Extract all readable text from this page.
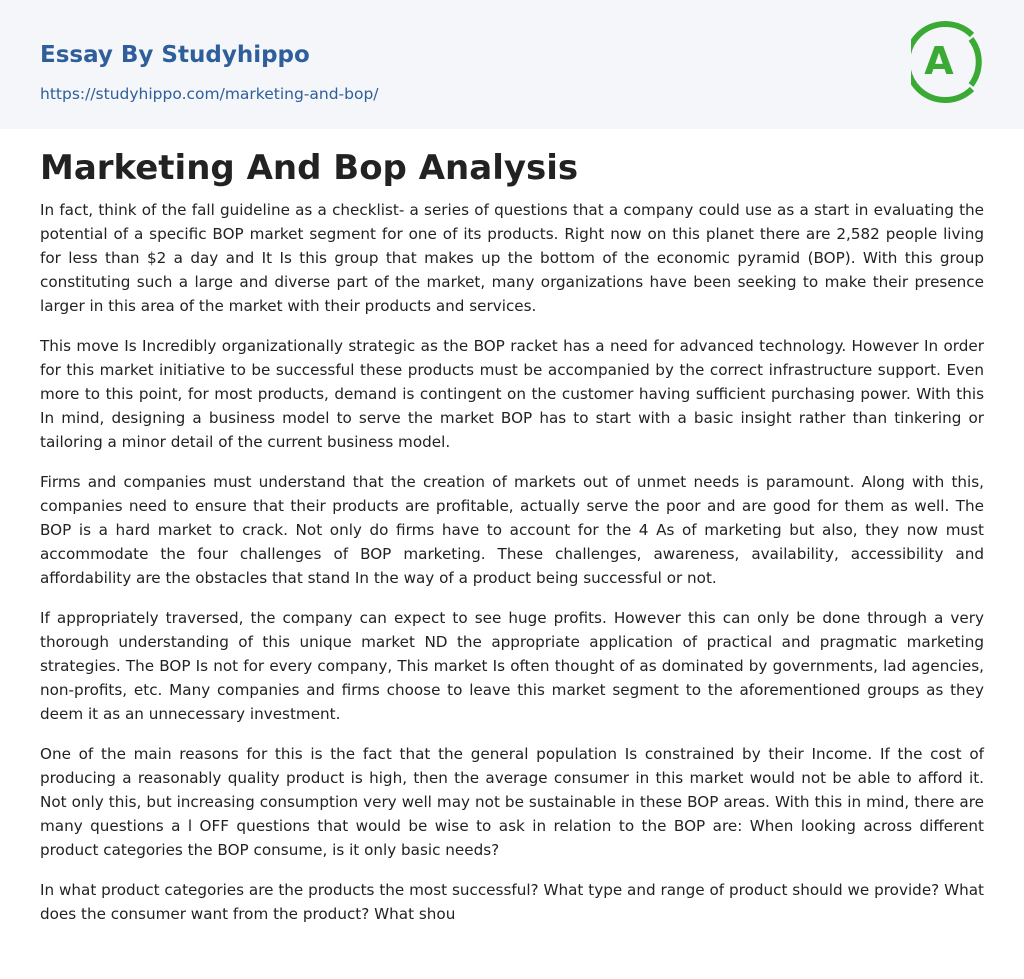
Essay By Studyhippo
https://studyhippo.com/marketing-and-bop/
A
Marketing And Bop Analysis

In fact, think of the fall guideline as a checklist- a series of questions that a company could use as a start in evaluating the potential of a specific BOP market segment for one of its products. Right now on this planet there are 2,582 people living for less than $2 a day and It Is this group that makes up the bottom of the economic pyramid (BOP). With this group constituting such a large and diverse part of the market, many organizations have been seeking to make their presence larger in this area of the market with their products and services.

This move Is Incredibly organizationally strategic as the BOP racket has a need for advanced technology. However In order for this market initiative to be successful these products must be accompanied by the correct infrastructure support. Even more to this point, for most products, demand is contingent on the customer having sufficient purchasing power. With this In mind, designing a business model to serve the market BOP has to start with a basic insight rather than tinkering or tailoring a minor detail of the current business model.

Firms and companies must understand that the creation of markets out of unmet needs is paramount. Along with this, companies need to ensure that their products are profitable, actually serve the poor and are good for them as well. The BOP is a hard market to crack. Not only do firms have to account for the 4 As of marketing but also, they now must accommodate the four challenges of BOP marketing. These challenges, awareness, availability, accessibility and affordability are the obstacles that stand In the way of a product being successful or not.

If appropriately traversed, the company can expect to see huge profits. However this can only be done through a very thorough understanding of this unique market ND the appropriate application of practical and pragmatic marketing strategies. The BOP Is not for every company, This market Is often thought of as dominated by governments, lad agencies, non-profits, etc. Many companies and firms choose to leave this market segment to the aforementioned groups as they deem it as an unnecessary investment.

One of the main reasons for this is the fact that the general population Is constrained by their Income. If the cost of producing a reasonably quality product is high, then the average consumer in this market would not be able to afford it. Not only this, but increasing consumption very well may not be sustainable in these BOP areas. With this in mind, there are many questions a l OFF questions that would be wise to ask in relation to the BOP are: When looking across different product categories the BOP consume, is it only basic needs?

In what product categories are the products the most successful? What type and range of product should we provide? What does the consumer want from the product? What shou
